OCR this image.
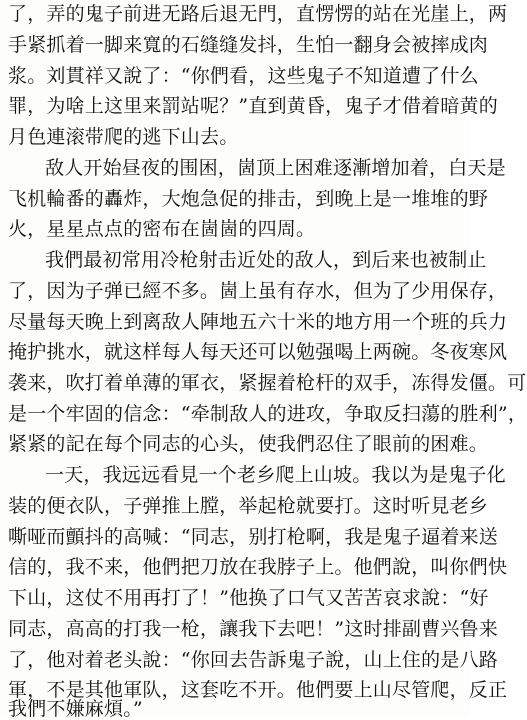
了，弄的鬼子前进无路后退无門，直愣愣的站在光崖上，两
手紧抓着一脚来寬的石缝缝发抖，生怕一翻身会被摔成肉
浆。刘貫祥又說了：“你們看，这些鬼子不知道遭了什么
罪，为啥上这里来罰站呢？”直到黄昏，鬼子才借着暗黄的
月色連滚带爬的逃下山去。
敌人开始昼夜的围困，崮顶上困难逐漸增加着，白天是
飞机輪番的轟炸，大炮急促的排击，到晚上是一堆堆的野
火，星星点点的密布在崮崮的四周。
我們最初常用冷枪射击近处的敌人，到后来也被制止
了，因为子弹已經不多。崮上虽有存水，但为了少用保存，
尽量每天晚上到离敌人陣地五六十米的地方用一个班的兵力
掩护挑水，就这样每人每天还可以勉强喝上两碗。冬夜寒风
袭来，吹打着单薄的軍衣，紧握着枪杆的双手，冻得发僵。可
是一个牢固的信念：“牵制敌人的进攻，争取反扫蕩的胜利”，
紧紧的記在每个同志的心头，使我們忍住了眼前的困难。
一天，我远远看見一个老乡爬上山坡。我以为是鬼子化
装的便衣队，子弹推上膛，举起枪就要打。这时听見老乡
嘶哑而顫抖的高喊：“同志，别打枪啊，我是鬼子逼着来送
信的，我不来，他們把刀放在我脖子上。他們說，叫你們快
下山，这仗不用再打了！”他换了口气又苦苦哀求說：“好
同志，高高的打我一枪，讓我下去吧！”这时排副曹兴鲁来
了，他对着老头說：“你回去告訴鬼子說，山上住的是八路
軍，不是其他軍队，这套吃不开。他們要上山尽管爬，反正
我們不嫌麻煩。”
